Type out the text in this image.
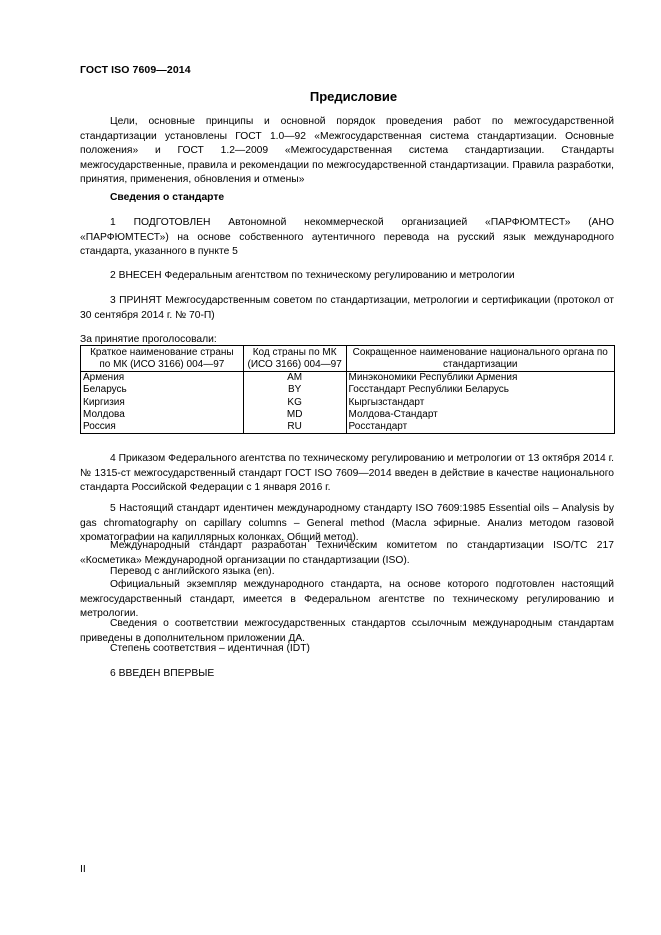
ГОСТ ISO 7609—2014
Предисловие
Цели, основные принципы и основной порядок проведения работ по межгосударственной стандартизации установлены ГОСТ 1.0—92 «Межгосударственная система стандартизации. Основные положения» и ГОСТ 1.2—2009 «Межгосударственная система стандартизации. Стандарты межгосударственные, правила и рекомендации по межгосударственной стандартизации. Правила разработки, принятия, применения, обновления и отмены»
Сведения о стандарте
1 ПОДГОТОВЛЕН Автономной некоммерческой организацией «ПАРФЮМТЕСТ» (АНО «ПАРФЮМТЕСТ») на основе собственного аутентичного перевода на русский язык международного стандарта, указанного в пункте 5
2 ВНЕСЕН Федеральным агентством по техническому регулированию и метрологии
3 ПРИНЯТ Межгосударственным советом по стандартизации, метрологии и сертификации (протокол от 30 сентября 2014 г. № 70-П)
За принятие проголосовали:
Краткое наименование страны по МК (ИСО 3166) 004—97	Код страны по МК (ИСО 3166) 004—97	Сокращенное наименование национального органа по стандартизации
Армения	AM	Минэкономики Республики Армения
Беларусь	BY	Госстандарт Республики Беларусь
Киргизия	KG	Кыргызстандарт
Молдова	MD	Молдова-Стандарт
Россия	RU	Росстандарт
4 Приказом Федерального агентства по техническому регулированию и метрологии от 13 октября 2014 г. № 1315-ст межгосударственный стандарт ГОСТ ISO 7609—2014 введен в действие в качестве национального стандарта Российской Федерации с 1 января 2016 г.
5 Настоящий стандарт идентичен международному стандарту ISO 7609:1985 Essential oils – Analysis by gas chromatography on capillary columns – General method (Масла эфирные. Анализ методом газовой хроматографии на капиллярных колонках. Общий метод).
Международный стандарт разработан Техническим комитетом по стандартизации ISO/TC 217 «Косметика» Международной организации по стандартизации (ISO).
Перевод с английского языка (en).
Официальный экземпляр международного стандарта, на основе которого подготовлен настоящий межгосударственный стандарт, имеется в Федеральном агентстве по техническому регулированию и метрологии.
Сведения о соответствии межгосударственных стандартов ссылочным международным стандартам приведены в дополнительном приложении ДА.
Степень соответствия – идентичная (IDT)
6 ВВЕДЕН ВПЕРВЫЕ
II
